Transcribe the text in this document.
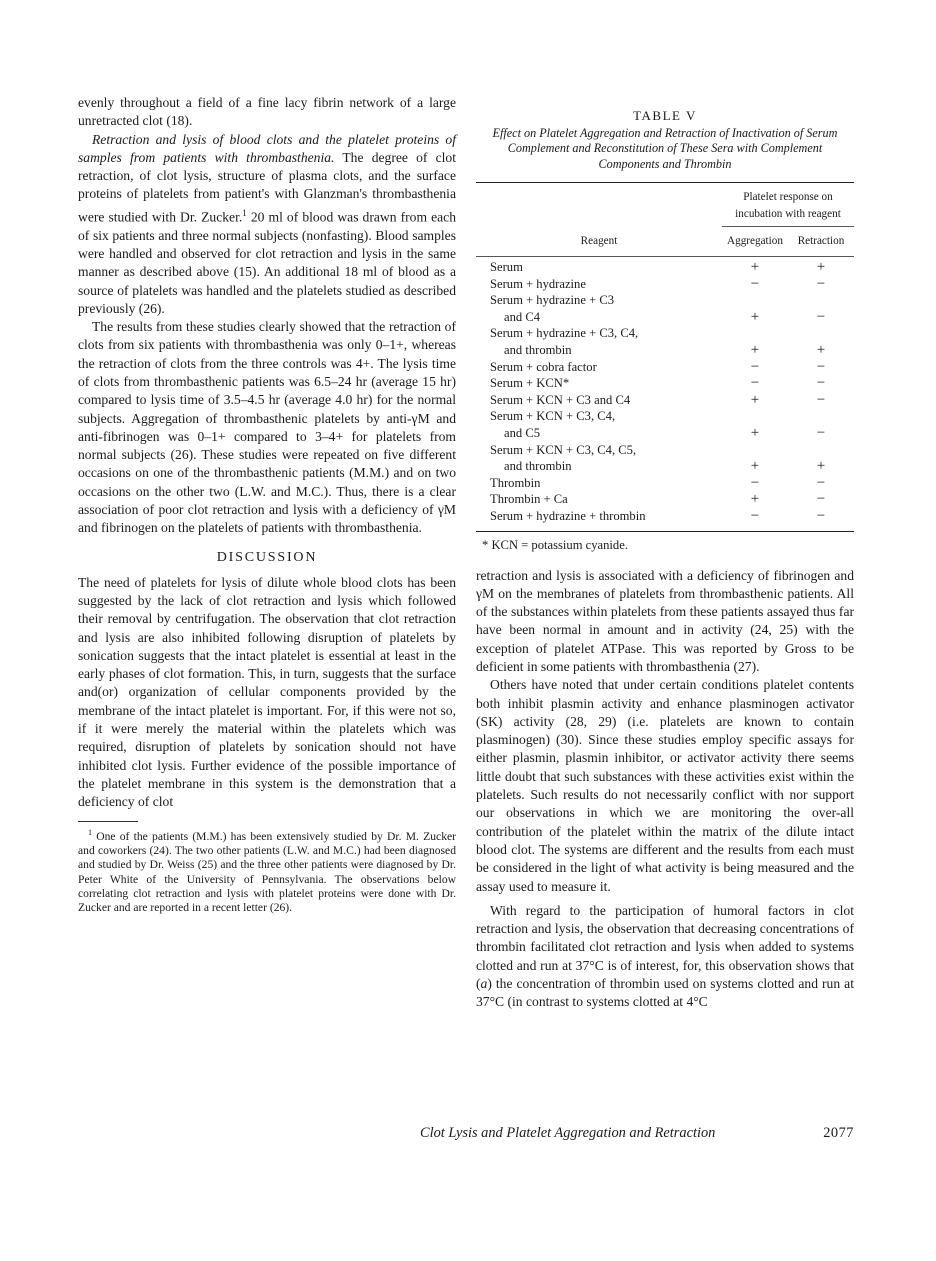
evenly throughout a field of a fine lacy fibrin network of a large unretracted clot (18).

Retraction and lysis of blood clots and the platelet proteins of samples from patients with thrombasthenia. The degree of clot retraction, of clot lysis, structure of plasma clots, and the surface proteins of platelets from patient's with Glanzman's thrombasthenia were studied with Dr. Zucker.$^1$ 20 ml of blood was drawn from each of six patients and three normal subjects (nonfasting). Blood samples were handled and observed for clot retraction and lysis in the same manner as described above (15). An additional 18 ml of blood as a source of platelets was handled and the platelets studied as described previously (26).

The results from these studies clearly showed that the retraction of clots from six patients with thrombasthenia was only 0–1+, whereas the retraction of clots from the three controls was 4+. The lysis time of clots from thrombasthenic patients was 6.5–24 hr (average 15 hr) compared to lysis time of 3.5–4.5 hr (average 4.0 hr) for the normal subjects. Aggregation of thrombasthenic platelets by anti-γM and anti-fibrinogen was 0–1+ compared to 3–4+ for platelets from normal subjects (26). These studies were repeated on five different occasions on one of the thrombasthenic patients (M.M.) and on two occasions on the other two (L.W. and M.C.). Thus, there is a clear association of poor clot retraction and lysis with a deficiency of γM and fibrinogen on the platelets of patients with thrombasthenia.

DISCUSSION

The need of platelets for lysis of dilute whole blood clots has been suggested by the lack of clot retraction and lysis which followed their removal by centrifugation. The observation that clot retraction and lysis are also inhibited following disruption of platelets by sonication suggests that the intact platelet is essential at least in the early phases of clot formation. This, in turn, suggests that the surface and(or) organization of cellular components provided by the membrane of the intact platelet is important. For, if this were not so, if it were merely the material within the platelets which was required, disruption of platelets by sonication should not have inhibited clot lysis. Further evidence of the possible importance of the platelet membrane in this system is the demonstration that a deficiency of clot

$^1$ One of the patients (M.M.) has been extensively studied by Dr. M. Zucker and coworkers (24). The two other patients (L.W. and M.C.) had been diagnosed and studied by Dr. Weiss (25) and the three other patients were diagnosed by Dr. Peter White of the University of Pennsylvania. The observations below correlating clot retraction and lysis with platelet proteins were done with Dr. Zucker and are reported in a recent letter (26).

TABLE V

Effect on Platelet Aggregation and Retraction of Inactivation of Serum Complement and Reconstitution of These Sera with Complement Components and Thrombin

	Platelet response on incubation with reagent	

Reagent	Aggregation	Retraction
Serum	+	+
Serum + hydrazine	−	−
Serum + hydrazine + C3		
and C4	+	−
Serum + hydrazine + C3, C4,		
and thrombin	+	+
Serum + cobra factor	−	−
Serum + KCN*	−	−
Serum + KCN + C3 and C4	+	−
Serum + KCN + C3, C4,		
and C5	+	−
Serum + KCN + C3, C4, C5,		
and thrombin	+	+
Thrombin	−	−
Thrombin + Ca	+	−
Serum + hydrazine + thrombin	−	−
* KCN = potassium cyanide.

retraction and lysis is associated with a deficiency of fibrinogen and γM on the membranes of platelets from thrombasthenic patients. All of the substances within platelets from these patients assayed thus far have been normal in amount and in activity (24, 25) with the exception of platelet ATPase. This was reported by Gross to be deficient in some patients with thrombasthenia (27).

Others have noted that under certain conditions platelet contents both inhibit plasmin activity and enhance plasminogen activator (SK) activity (28, 29) (i.e. platelets are known to contain plasminogen) (30). Since these studies employ specific assays for either plasmin, plasmin inhibitor, or activator activity there seems little doubt that such substances with these activities exist within the platelets. Such results do not necessarily conflict with nor support our observations in which we are monitoring the over-all contribution of the platelet within the matrix of the dilute intact blood clot. The systems are different and the results from each must be considered in the light of what activity is being measured and the assay used to measure it.

With regard to the participation of humoral factors in clot retraction and lysis, the observation that decreasing concentrations of thrombin facilitated clot retraction and lysis when added to systems clotted and run at 37°C is of interest, for, this observation shows that (a) the concentration of thrombin used on systems clotted and run at 37°C (in contrast to systems clotted at 4°C

Clot Lysis and Platelet Aggregation and Retraction	2077
